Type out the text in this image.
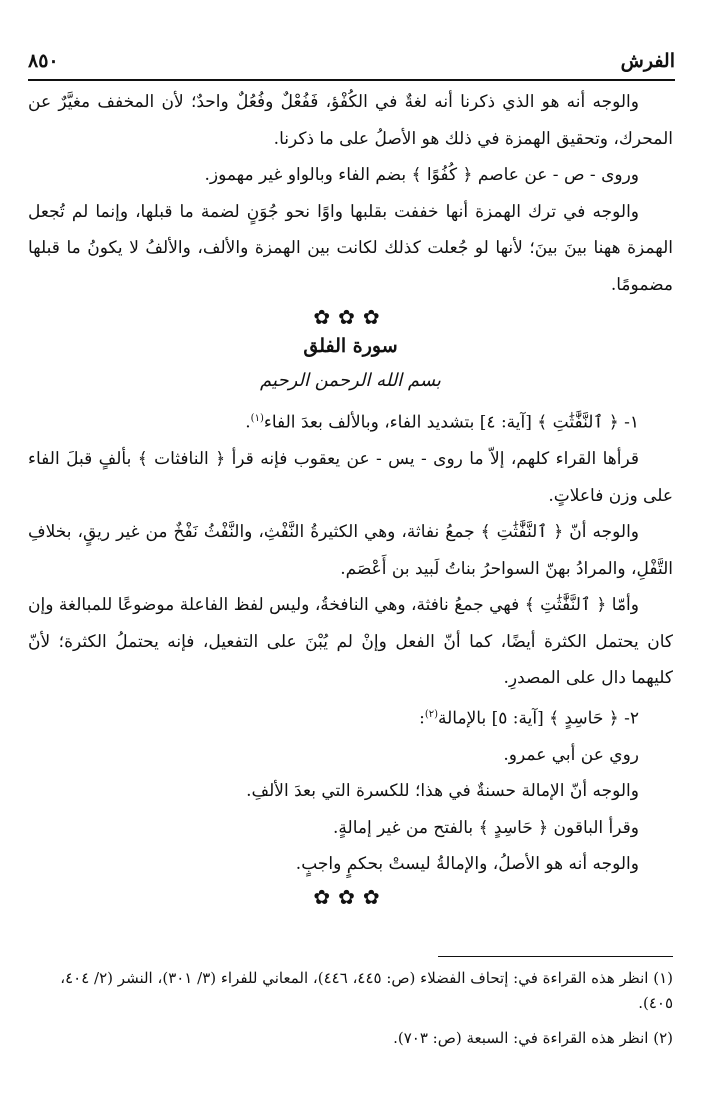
الفرش
٨٥٠

والوجه أنه هو الذي ذكرنا أنه لغةٌ في الكُفْؤ، فَفُعْلٌ وفُعُلٌ واحدٌ؛ لأن المخفف مغيَّرٌ عن المحرك، وتحقيق الهمزة في ذلك هو الأصلُ على ما ذكرنا.

وروى - ص - عن عاصم ﴿ كُفُوًا ﴾ بضم الفاء وبالواو غير مهموز.

والوجه في ترك الهمزة أنها خففت بقلبها واوًا نحو جُوَنٍ لضمة ما قبلها، وإنما لم تُجعل الهمزة ههنا بينَ بينَ؛ لأنها لو جُعلت كذلك لكانت بين الهمزة والألف، والألفُ لا يكونُ ما قبلها مضمومًا.

✿✿✿
سورة الفلق
بسم الله الرحمن الرحيم

١- ﴿ ٱلنَّفَّٰثَٰتِ ﴾ [آية: ٤] بتشديد الفاء، وبالألف بعدَ الفاء$^{(١)}$.

قرأها القراء كلهم، إلاّ ما روى - يس - عن يعقوب فإنه قرأ ﴿ النافثات ﴾ بألفٍ قبلَ الفاء على وزن فاعلاتٍ.

والوجه أنّ ﴿ ٱلنَّفَّٰثَٰتِ ﴾ جمعُ نفاثة، وهي الكثيرةُ النَّفْثِ، والنَّفْثُ نَفْخٌ من غير ريقٍ، بخلافِ التَّفْلِ، والمرادُ بهنّ السواحرُ بناتُ لَبيد بن أَعْصَم.

وأمّا ﴿ ٱلنَّفَّٰثَٰتِ ﴾ فهي جمعُ نافثة، وهي النافخةُ، وليس لفظ الفاعلة موضوعًا للمبالغة وإن كان يحتمل الكثرة أيضًا، كما أنّ الفعل وإنْ لم يُبْنَ على التفعيل، فإنه يحتملُ الكثرة؛ لأنّ كليهما دال على المصدرِ.

٢- ﴿ حَاسِدٍ ﴾ [آية: ٥] بالإمالة$^{(٢)}$:

روي عن أبي عمرو.

والوجه أنّ الإمالة حسنةٌ في هذا؛ للكسرة التي بعدَ الألفِ.

وقرأ الباقون ﴿ حَاسِدٍ ﴾ بالفتح من غير إمالةٍ.

والوجه أنه هو الأصلُ، والإمالةُ ليستْ بحكمٍ واجبٍ.

✿✿✿

(١) انظر هذه القراءة في: إتحاف الفضلاء (ص: ٤٤٥، ٤٤٦)، المعاني للفراء (٣/ ٣٠١)، النشر (٢/ ٤٠٤، ٤٠٥).

(٢) انظر هذه القراءة في: السبعة (ص: ٧٠٣).
